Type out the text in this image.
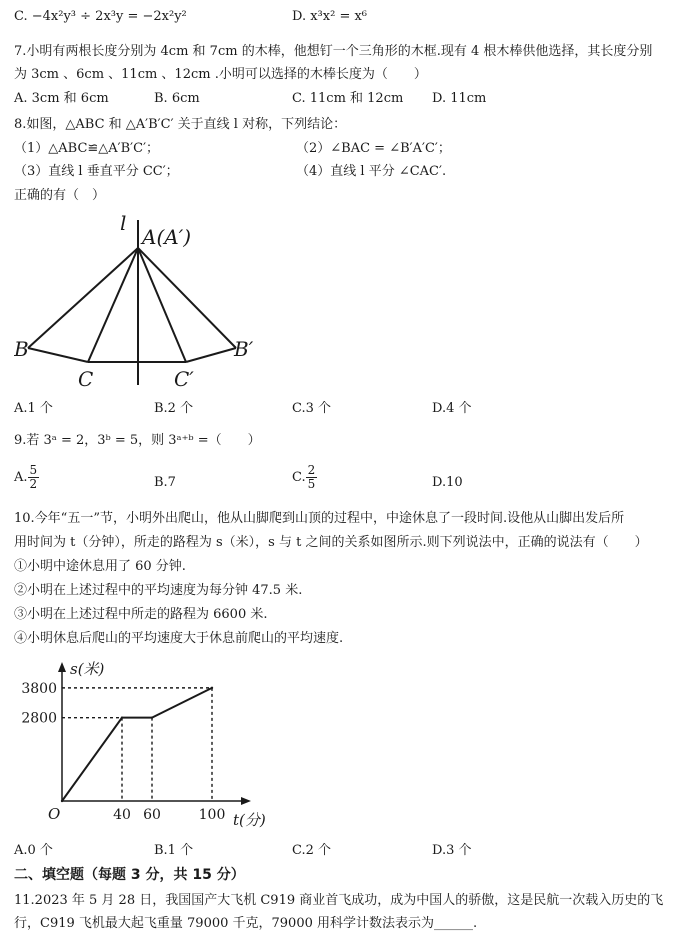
C. −4x²y³ ÷ 2x³y = −2x²y²	D. x³x² = x⁶
7.小明有两根长度分别为 4cm 和 7cm 的木棒，他想钉一个三角形的木框.现有 4 根木棒供他选择，其长度分别
为 3cm 、6cm 、11cm 、12cm .小明可以选择的木棒长度为（　　）
A. 3cm 和 6cm	B. 6cm	C. 11cm 和 12cm D. 11cm
8.如图，△ABC 和 △A′B′C′ 关于直线 l 对称，下列结论：
（1）△ABC≌△A′B′C′；	（2）∠BAC = ∠B′A′C′；
（3）直线 l 垂直平分 CC′；	（4）直线 l 平分 ∠CAC′.
正确的有（　）
l
A(A′)
B
C	C′
B′
A.1 个	B.2 个	C.3 个	D.4 个
9.若 3ᵃ = 2，3ᵇ = 5，则 3ᵃ⁺ᵇ =（　　）
A. $\frac{5}{2}$	B.7	C. $\frac{2}{5}$	D.10
10.今年“五一”节，小明外出爬山，他从山脚爬到山顶的过程中，中途休息了一段时间.设他从山脚出发后所
用时间为 t（分钟），所走的路程为 s（米），s 与 t 之间的关系如图所示.则下列说法中，正确的说法有（　　）
①小明中途休息用了 60 分钟.
②小明在上述过程中的平均速度为每分钟 47.5 米.
③小明在上述过程中所走的路程为 6600 米.
④小明休息后爬山的平均速度大于休息前爬山的平均速度.
s(米)
t(分)
O	40 60	100
2800
3800
A.0 个	B.1 个	C.2 个	D.3 个
二、填空题（每题 3 分，共 15 分）
11.2023 年 5 月 28 日，我国国产大飞机 C919 商业首飞成功，成为中国人的骄傲，这是民航一次载入历史的飞
行，C919 飞机最大起飞重量 79000 千克，79000 用科学计数法表示为______.
